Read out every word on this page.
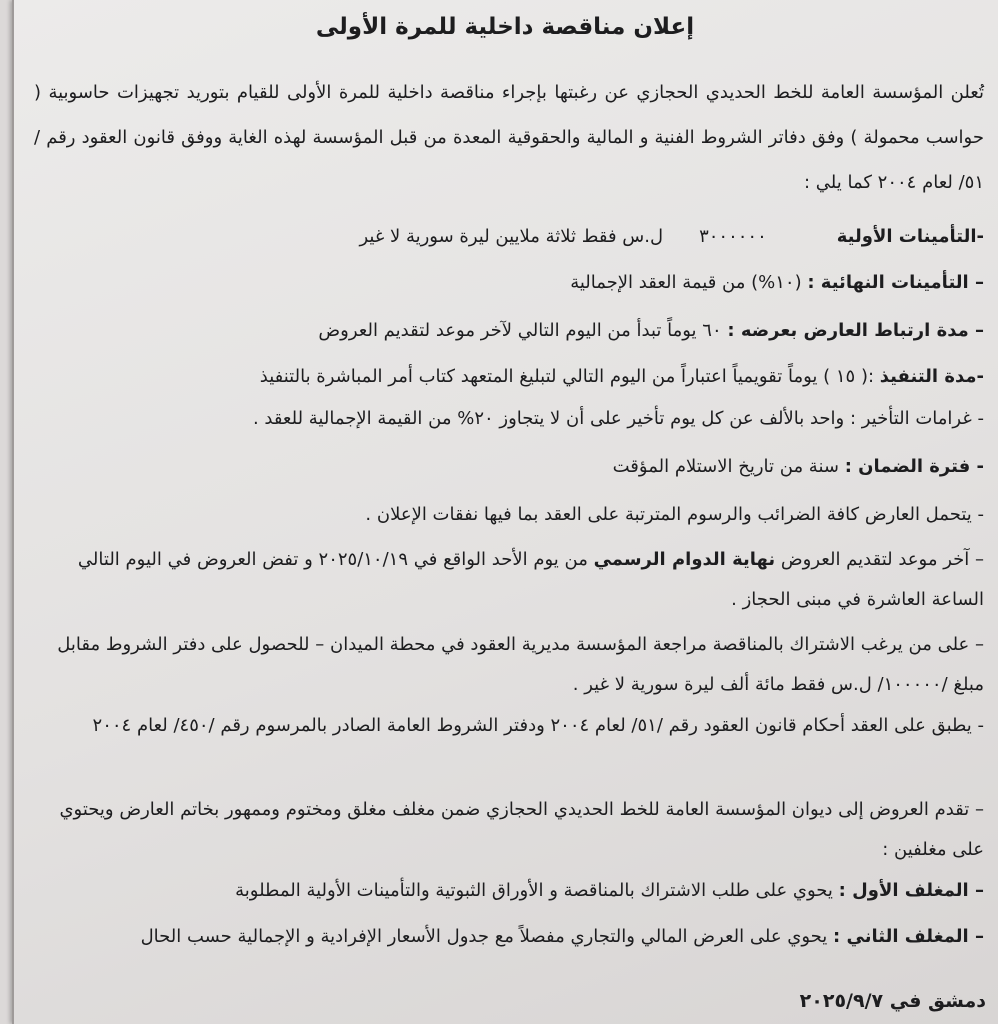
إعلان مناقصة داخلية للمرة الأولى
تُعلن المؤسسة العامة للخط الحديدي الحجازي عن رغبتها بإجراء مناقصة داخلية للمرة الأولى للقيام بتوريد تجهيزات حاسوبية ( حواسب محمولة ) وفق دفاتر الشروط الفنية و المالية والحقوقية المعدة من قبل المؤسسة لهذه الغاية ووفق قانون العقود رقم /٥١/ لعام ٢٠٠٤ كما يلي :
-التأمينات الأولية٣٠٠٠٠٠٠ل.س فقط ثلاثة ملايين ليرة سورية لا غير
– التأمينات النهائية : (١٠%) من قيمة العقد الإجمالية
– مدة ارتباط العارض بعرضه : ٦٠ يوماً تبدأ من اليوم التالي لآخر موعد لتقديم العروض
-مدة التنفيذ :( ١٥ ) يوماً تقويمياً اعتباراً من اليوم التالي لتبليغ المتعهد كتاب أمر المباشرة بالتنفيذ
- غرامات التأخير : واحد بالألف عن كل يوم تأخير على أن لا يتجاوز ٢٠% من القيمة الإجمالية للعقد .
- فترة الضمان : سنة من تاريخ الاستلام المؤقت
- يتحمل العارض كافة الضرائب والرسوم المترتبة على العقد بما فيها نفقات الإعلان .
– آخر موعد لتقديم العروض نهاية الدوام الرسمي من يوم الأحد الواقع في ٢٠٢٥/١٠/١٩ و تفض العروض في اليوم التالي الساعة العاشرة في مبنى الحجاز .
– على من يرغب الاشتراك بالمناقصة مراجعة المؤسسة مديرية العقود في محطة الميدان – للحصول على دفتر الشروط مقابل مبلغ /١٠٠٠٠٠/ ل.س فقط مائة ألف ليرة سورية لا غير .
- يطبق على العقد أحكام قانون العقود رقم /٥١/ لعام ٢٠٠٤ ودفتر الشروط العامة الصادر بالمرسوم رقم /٤٥٠/ لعام ٢٠٠٤
– تقدم العروض إلى ديوان المؤسسة العامة للخط الحديدي الحجازي ضمن مغلف مغلق ومختوم وممهور بخاتم العارض ويحتوي على مغلفين :
– المغلف الأول : يحوي على طلب الاشتراك بالمناقصة و الأوراق الثبوتية والتأمينات الأولية المطلوبة
– المغلف الثاني : يحوي على العرض المالي والتجاري مفصلاً مع جدول الأسعار الإفرادية و الإجمالية حسب الحال
دمشق في ٢٠٢٥/٩/٧
